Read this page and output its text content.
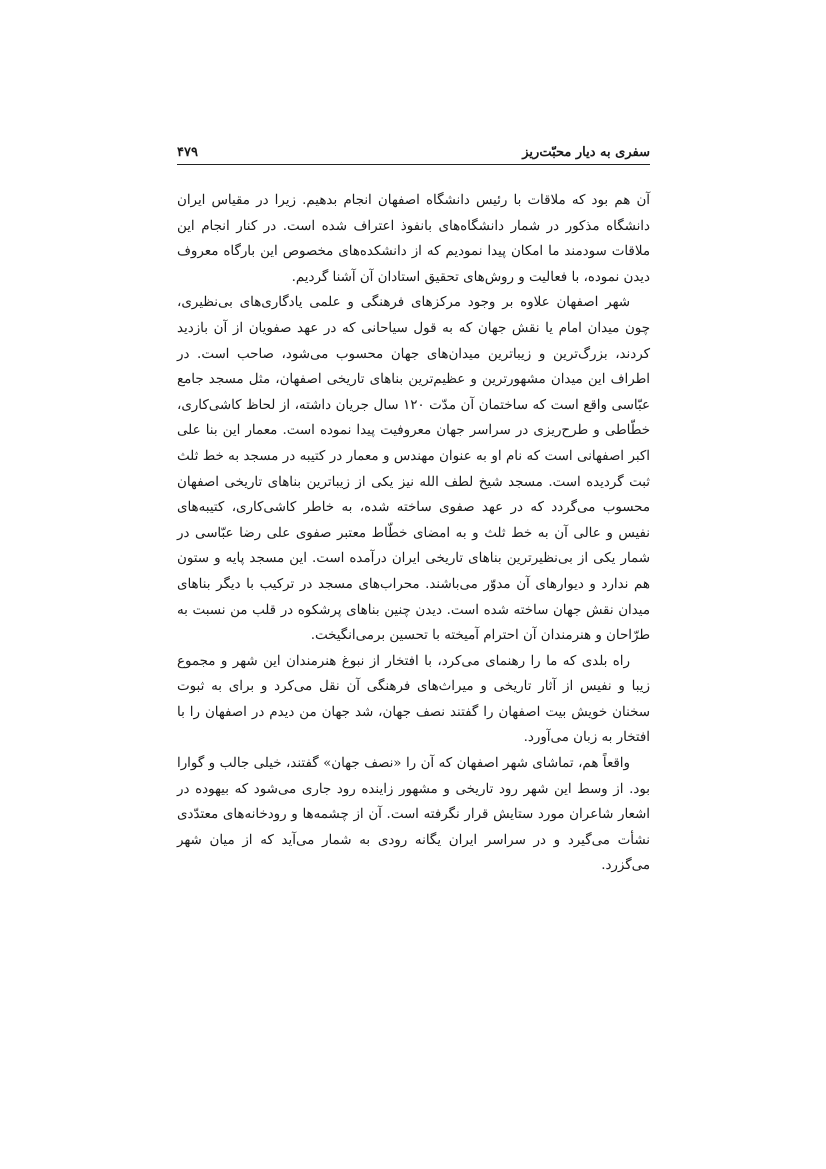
سفری به دیار محبّت‌ریز
۴۷۹

آن هم بود که ملاقات با رئیس دانشگاه اصفهان انجام بدهیم. زیرا در مقیاس ایران دانشگاه مذکور در شمار دانشگاه‌های بانفوذ اعتراف شده است. در کنار انجام این ملاقات سودمند ما امکان پیدا نمودیم که از دانشکده‌های مخصوص این بارگاه معروف دیدن نموده، با فعالیت و روش‌های تحقیق استادان آن آشنا گردیم.

شهر اصفهان علاوه بر وجود مرکزهای فرهنگی و علمی یادگاری‌های بی‌نظیری، چون میدان امام یا نقش جهان که به قول سیاحانی که در عهد صفویان از آن بازدید کردند، بزرگ‌ترین و زیباترین میدان‌های جهان محسوب می‌شود، صاحب است. در اطراف این میدان مشهورترین و عظیم‌ترین بناهای تاریخی اصفهان، مثل مسجد جامع عبّاسی واقع است که ساختمان آن مدّت ۱۲۰ سال جریان داشته، از لحاظ کاشی‌کاری، خطّاطی و طرح‌ریزی در سراسر جهان معروفیت پیدا نموده است. معمار این بنا علی اکبر اصفهانی است که نام او به عنوان مهندس و معمار در کتیبه در مسجد به خط ثلث ثبت گردیده است. مسجد شیخ لطف الله نیز یکی از زیباترین بناهای تاریخی اصفهان محسوب می‌گردد که در عهد صفوی ساخته شده، به خاطر کاشی‌کاری، کتیبه‌های نفیس و عالی آن به خط ثلث و به امضای خطّاط معتبر صفوی علی رضا عبّاسی در شمار یکی از بی‌نظیرترین بناهای تاریخی ایران درآمده است. این مسجد پایه و ستون هم ندارد و دیوارهای آن مدوّر می‌باشند. محراب‌های مسجد در ترکیب با دیگر بناهای میدان نقش جهان ساخته شده است. دیدن چنین بناهای پرشکوه در قلب من نسبت به طرّاحان و هنرمندان آن احترام آمیخته با تحسین برمی‌انگیخت.

راه بلدی که ما را رهنمای می‌کرد، با افتخار از نبوغ هنرمندان این شهر و مجموع زیبا و نفیس از آثار تاریخی و میراث‌های فرهنگی آن نقل می‌کرد و برای به ثبوت سخنان خویش بیت اصفهان را گفتند نصف جهان، شد جهان من دیدم در اصفهان را با افتخار به زبان می‌آورد.

واقعاً هم، تماشای شهر اصفهان که آن را «نصف جهان» گفتند، خیلی جالب و گوارا بود. از وسط این شهر رود تاریخی و مشهور زاینده رود جاری می‌شود که بیهوده در اشعار شاعران مورد ستایش قرار نگرفته است. آن از چشمه‌ها و رودخانه‌های معتدّدی نشأت می‌گیرد و در سراسر ایران یگانه رودی به شمار می‌آید که از میان شهر می‌گزرد.
